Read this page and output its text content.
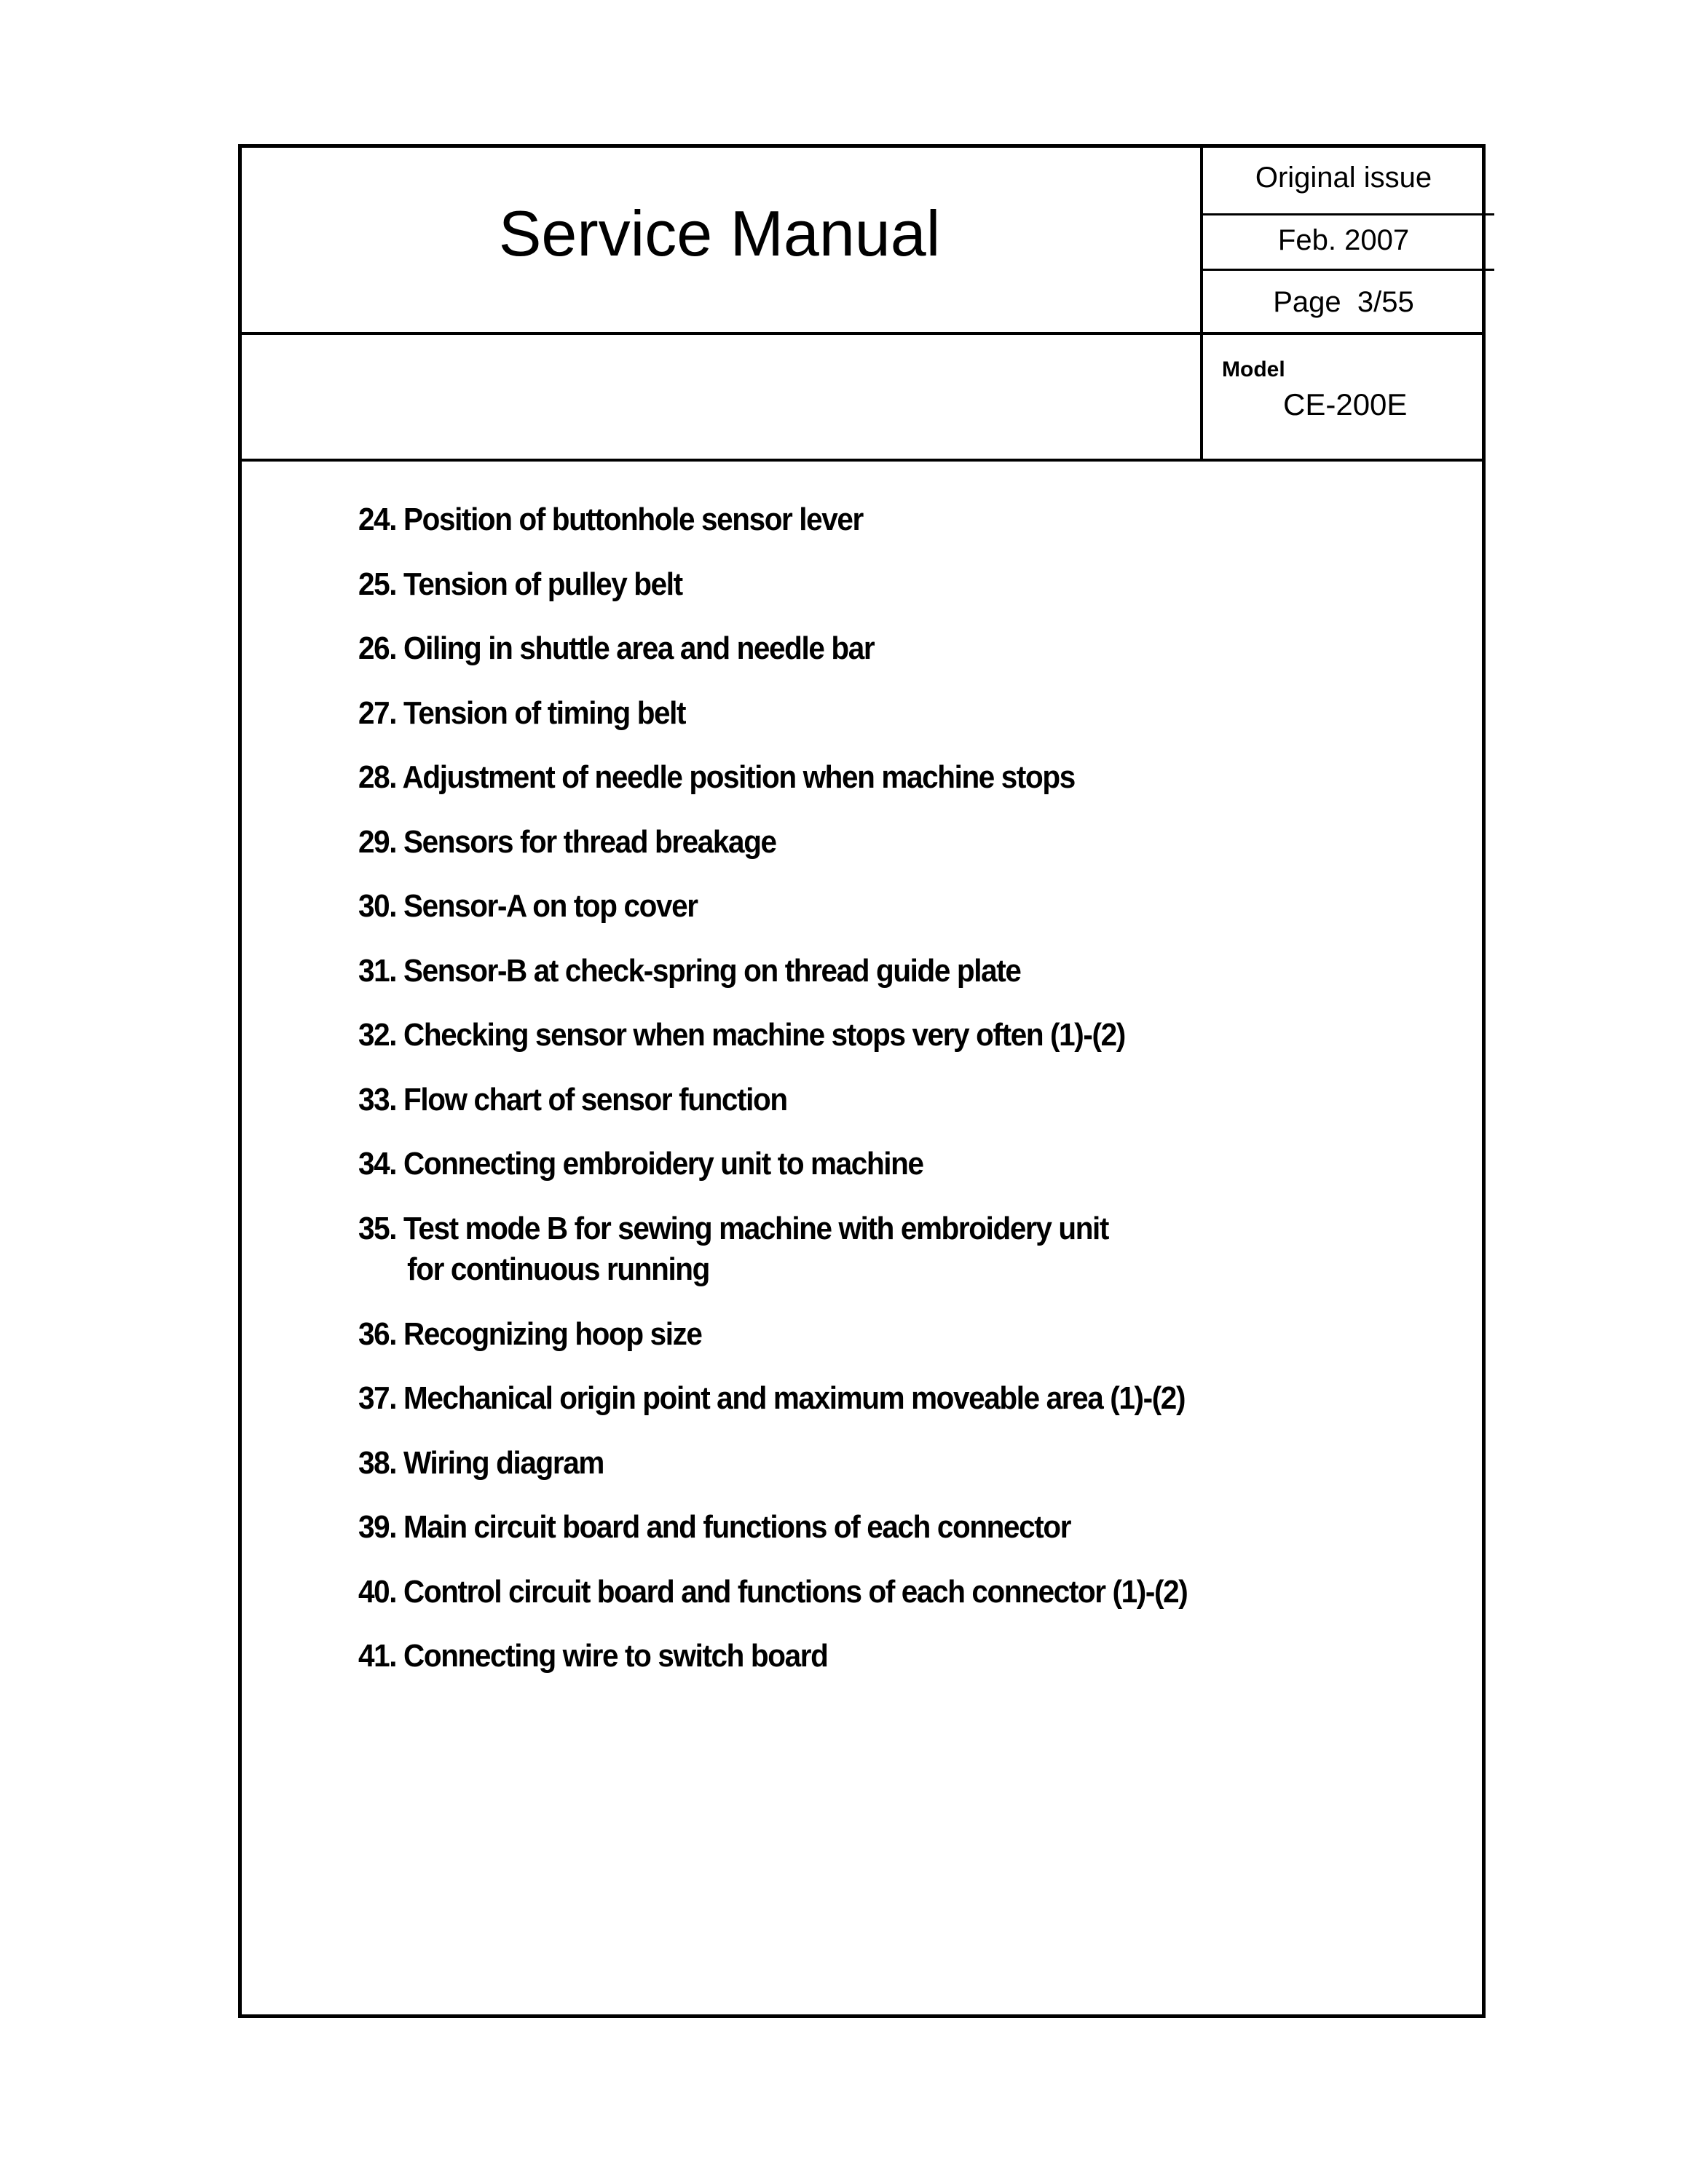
Service Manual
Original issue
Feb. 2007
Page 3/55
Model
CE-200E
24. Position of buttonhole sensor lever
25. Tension of pulley belt
26. Oiling in shuttle area and needle bar
27. Tension of timing belt
28. Adjustment of needle position when machine stops
29. Sensors for thread breakage
30. Sensor-A on top cover
31. Sensor-B at check-spring on thread guide plate
32. Checking sensor when machine stops very often (1)-(2)
33. Flow chart of sensor function
34. Connecting embroidery unit to machine
35. Test mode B for sewing machine with embroidery unit
for continuous running
36. Recognizing hoop size
37. Mechanical origin point and maximum moveable area (1)-(2)
38. Wiring diagram
39. Main circuit board and functions of each connector
40. Control circuit board and functions of each connector (1)-(2)
41. Connecting wire to switch board
